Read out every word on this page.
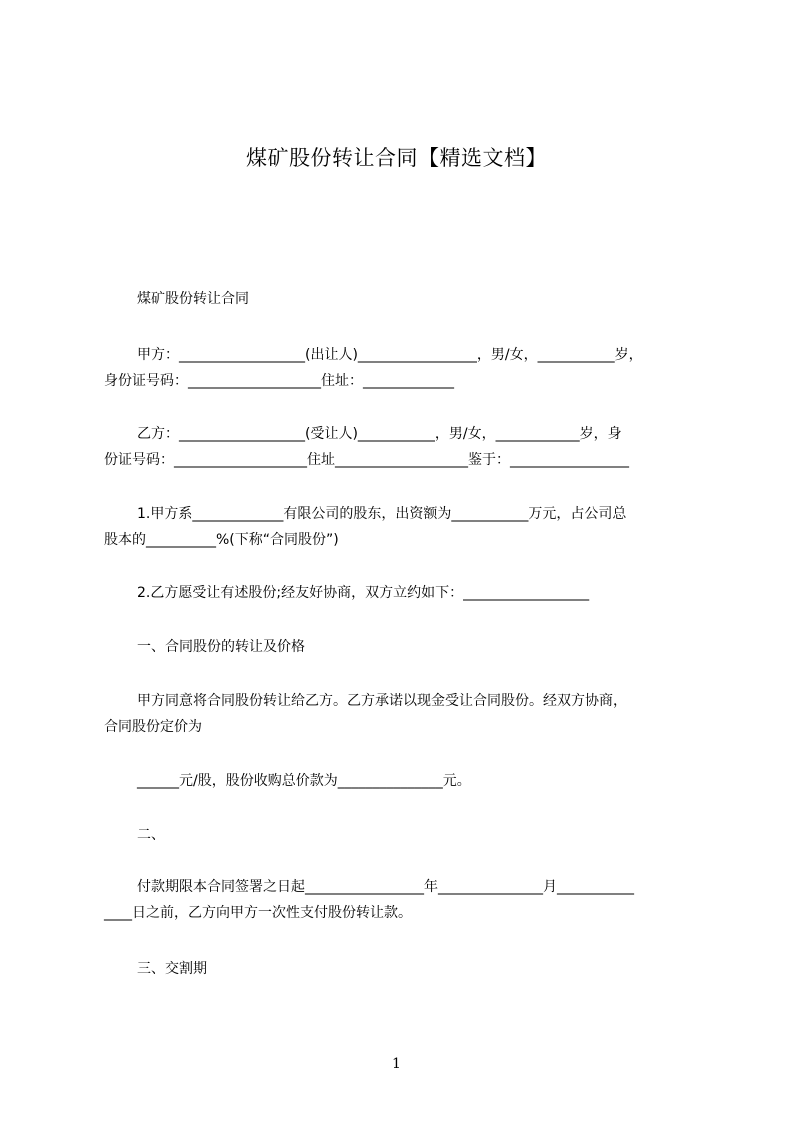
煤矿股份转让合同【精选文档】
煤矿股份转让合同
甲方：__________________(出让人)_________________，男/女，___________岁，
身份证号码：___________________住址：_____________
乙方：__________________(受让人)___________，男/女，____________岁，身
份证号码：___________________住址___________________鉴于：_________________
1.甲方系_____________有限公司的股东，出资额为___________万元，占公司总
股本的__________%(下称“合同股份”)
2.乙方愿受让有述股份;经友好协商，双方立约如下：__________________
一、合同股份的转让及价格
甲方同意将合同股份转让给乙方。乙方承诺以现金受让合同股份。经双方协商，
合同股份定价为
______元/股，股份收购总价款为_______________元。
二、
付款期限本合同签署之日起_________________年_______________月___________
____日之前，乙方向甲方一次性支付股份转让款。
三、交割期
1
